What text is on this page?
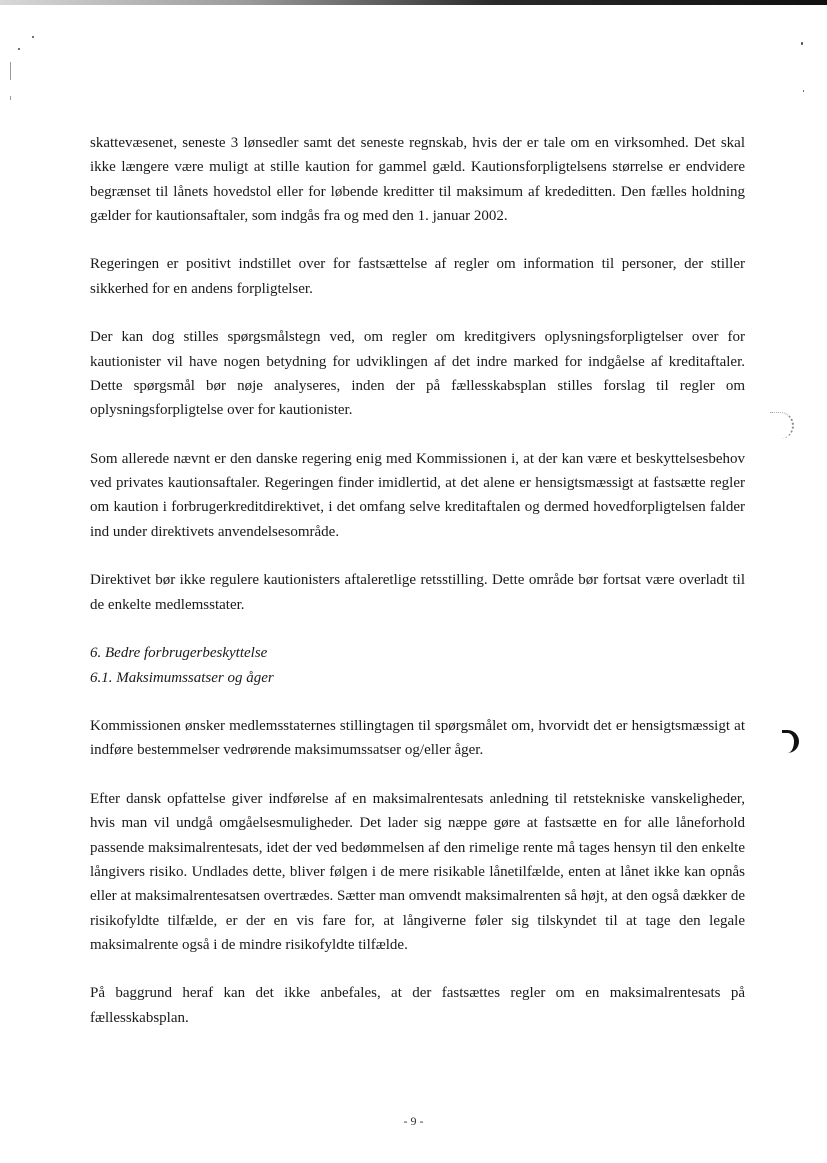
skattevæsenet, seneste 3 lønsedler samt det seneste regnskab, hvis der er tale om en virksomhed. Det skal ikke længere være muligt at stille kaution for gammel gæld. Kautionsforpligtelsens størrelse er endvidere begrænset til lånets hovedstol eller for løbende kreditter til maksimum af krededitten. Den fælles holdning gælder for kautionsaftaler, som indgås fra og med den 1. januar 2002.

Regeringen er positivt indstillet over for fastsættelse af regler om information til personer, der stiller sikkerhed for en andens forpligtelser.

Der kan dog stilles spørgsmålstegn ved, om regler om kreditgivers oplysningsforpligtelser over for kautionister vil have nogen betydning for udviklingen af det indre marked for indgåelse af kreditaftaler. Dette spørgsmål bør nøje analyseres, inden der på fællesskabsplan stilles forslag til regler om oplysningsforpligtelse over for kautionister.

Som allerede nævnt er den danske regering enig med Kommissionen i, at der kan være et beskyttelsesbehov ved privates kautionsaftaler. Regeringen finder imidlertid, at det alene er hensigtsmæssigt at fastsætte regler om kaution i forbrugerkreditdirektivet, i det omfang selve kreditaftalen og dermed hovedforpligtelsen falder ind under direktivets anvendelsesområde.

Direktivet bør ikke regulere kautionisters aftaleretlige retsstilling. Dette område bør fortsat være overladt til de enkelte medlemsstater.

6. Bedre forbrugerbeskyttelse

6.1. Maksimumssatser og åger

Kommissionen ønsker medlemsstaternes stillingtagen til spørgsmålet om, hvorvidt det er hensigtsmæssigt at indføre bestemmelser vedrørende maksimumssatser og/eller åger.

Efter dansk opfattelse giver indførelse af en maksimalrentesats anledning til retstekniske vanskeligheder, hvis man vil undgå omgåelsesmuligheder. Det lader sig næppe gøre at fastsætte en for alle låneforhold passende maksimalrentesats, idet der ved bedømmelsen af den rimelige rente må tages hensyn til den enkelte långivers risiko. Undlades dette, bliver følgen i de mere risikable lånetilfælde, enten at lånet ikke kan opnås eller at maksimalrentesatsen overtrædes. Sætter man omvendt maksimalrenten så højt, at den også dækker de risikofyldte tilfælde, er der en vis fare for, at långiverne føler sig tilskyndet til at tage den legale maksimalrente også i de mindre risikofyldte tilfælde.

På baggrund heraf kan det ikke anbefales, at der fastsættes regler om en maksimalrentesats på fællesskabsplan.

- 9 -
